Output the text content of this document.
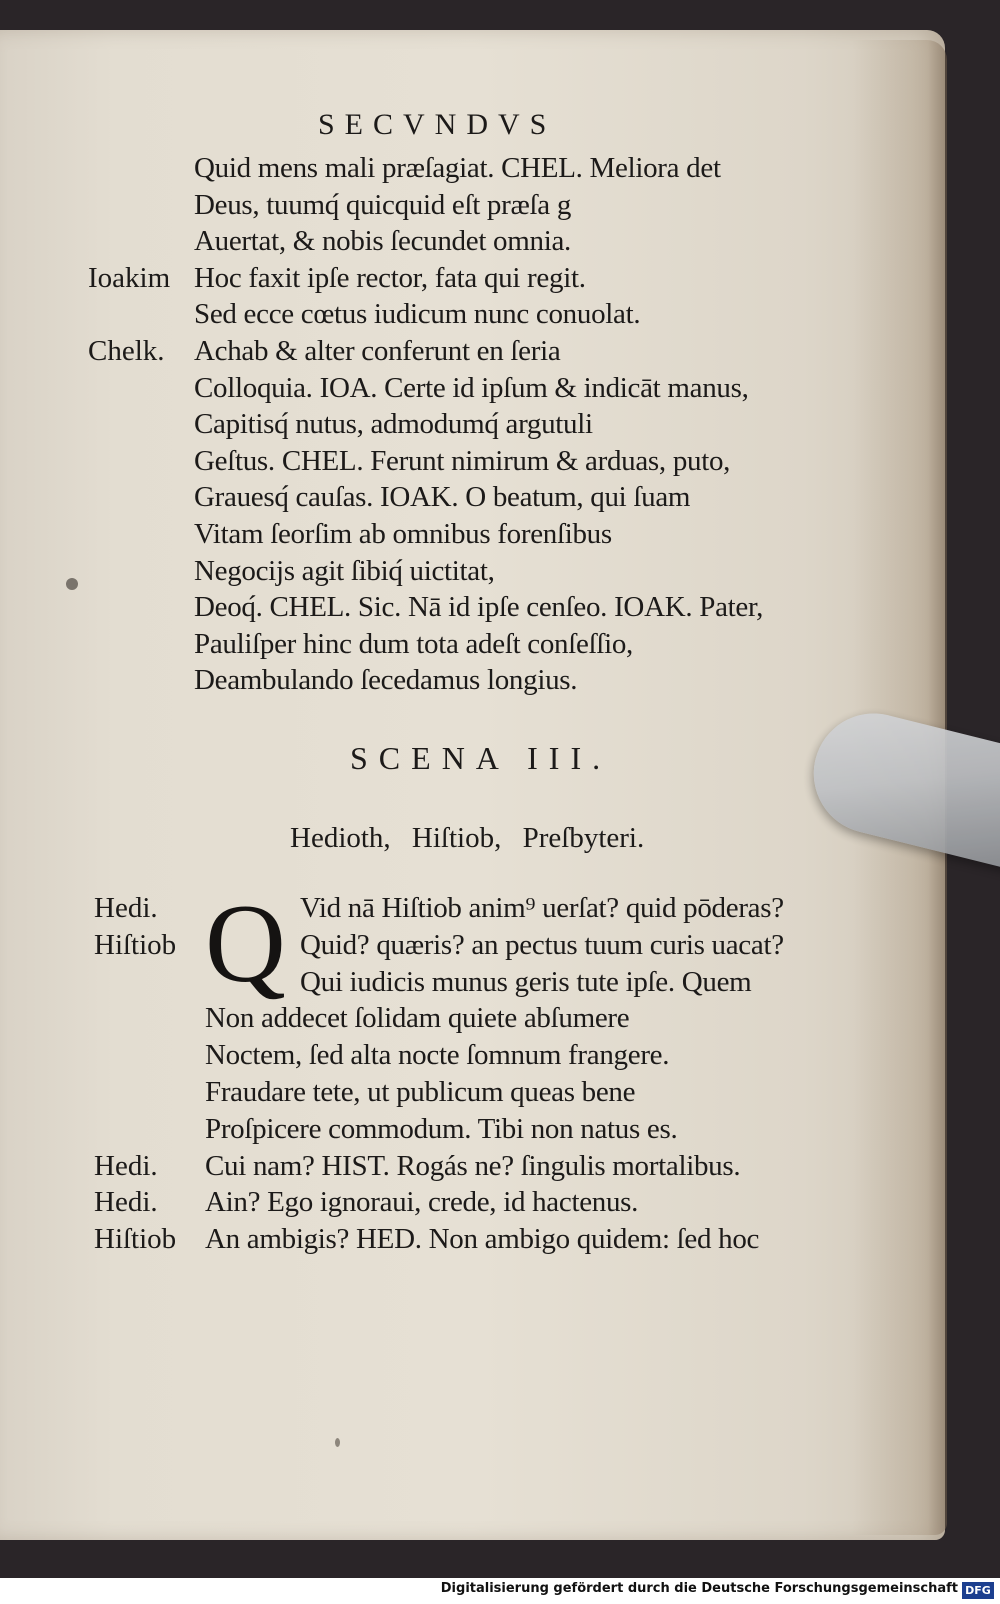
SECVNDVS
Quid mens mali præſagiat. CHEL. Meliora det
Deus, tuumq́ quicquid eſt præſa g
Auertat, & nobis ſecundet omnia.
Hoc faxit ipſe rector, fata qui regit.
Ioakim
Sed ecce cœtus iudicum nunc conuolat.
Achab & alter conferunt en ſeria
Chelk.
Colloquia. IOA. Certe id ipſum & indicāt manus,
Capitisq́ nutus, admodumq́ argutuli
Geſtus. CHEL. Ferunt nimirum & arduas, puto,
Grauesq́ cauſas. IOAK. O beatum, qui ſuam
Vitam ſeorſim ab omnibus forenſibus
Negocijs agit ſibiq́ uictitat,
Deoq́. CHEL. Sic. Nā id ipſe cenſeo. IOAK. Pater,
Pauliſper hinc dum tota adeſt conſeſſio,
Deambulando ſecedamus longius.
SCENA III.
Hedioth, Hiſtiob, Preſbyteri.
Q Vid nā Hiſtiob anim⁹ uerſat? quid pōderas?
Hedi.
Quid? quæris? an pectus tuum curis uacat?
Hiſtiob
Qui iudicis munus geris tute ipſe. Quem
Non addecet ſolidam quiete abſumere
Noctem, ſed alta nocte ſomnum frangere.
Fraudare tete, ut publicum queas bene
Proſpicere commodum. Tibi non natus es.
Cui nam? HIST. Rogás ne? ſingulis mortalibus.
Hedi.
Ain? Ego ignoraui, crede, id hactenus.
Hedi.
An ambigis? HED. Non ambigo quidem: ſed hoc
Hiſtiob
Digitalisierung gefördert durch die Deutsche Forschungsgemeinschaft DFG
